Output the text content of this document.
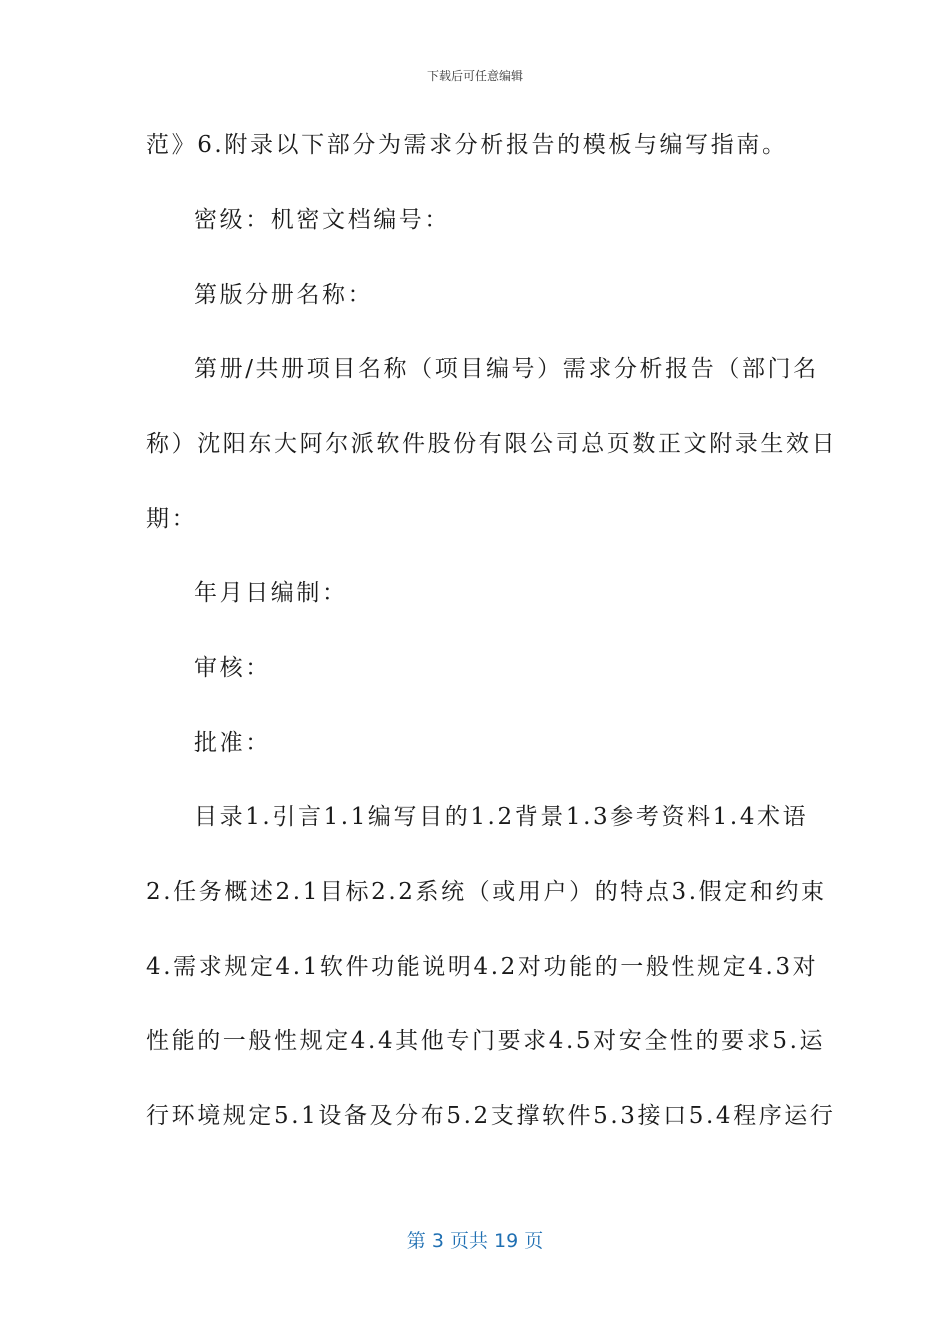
下载后可任意编辑
范》6.附录以下部分为需求分析报告的模板与编写指南。
密级：机密文档编号：
第版分册名称：
第册/共册项目名称（项目编号）需求分析报告（部门名
称）沈阳东大阿尔派软件股份有限公司总页数正文附录生效日
期：
年月日编制：
审核：
批准：
目录1.引言1.1编写目的1.2背景1.3参考资料1.4术语
2.任务概述2.1目标2.2系统（或用户）的特点3.假定和约束
4.需求规定4.1软件功能说明4.2对功能的一般性规定4.3对
性能的一般性规定4.4其他专门要求4.5对安全性的要求5.运
行环境规定5.1设备及分布5.2支撑软件5.3接口5.4程序运行
第 3 页共 19 页
